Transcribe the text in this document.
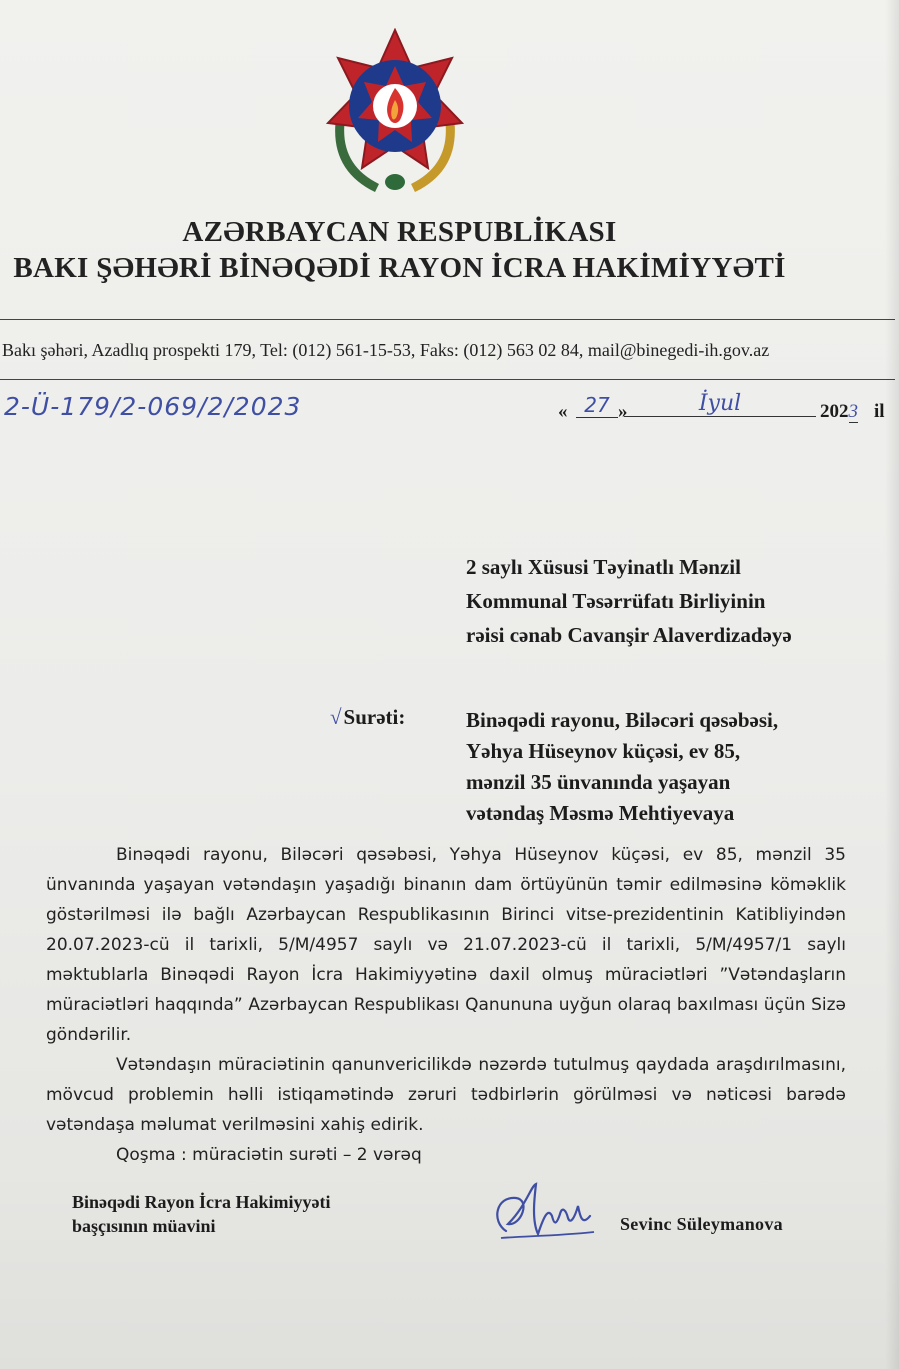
AZƏRBAYCAN RESPUBLİKASI
BAKI ŞƏHƏRİ BİNƏQƏDİ RAYON İCRA HAKİMİYYƏTİ
Bakı şəhəri, Azadlıq prospekti 179, Tel: (012) 561-15-53, Faks: (012) 563 02 84, mail@binegedi-ih.gov.az
2-Ü-179/2-069/2/2023	« 27 »	İyul	2023 il
2 saylı Xüsusi Təyinatlı Mənzil
Kommunal Təsərrüfatı Birliyinin
rəisi cənab Cavanşir Alaverdizadəyə
√Surəti:	Binəqədi rayonu, Biləcəri qəsəbəsi,
Yəhya Hüseynov küçəsi, ev 85,
mənzil 35 ünvanında yaşayan
vətəndaş Məsmə Mehtiyevaya

Binəqədi rayonu, Biləcəri qəsəbəsi, Yəhya Hüseynov küçəsi, ev 85, mənzil 35 ünvanında yaşayan vətəndaşın yaşadığı binanın dam örtüyünün təmir edilməsinə köməklik göstərilməsi ilə bağlı Azərbaycan Respublikasının Birinci vitse-prezidentinin Katibliyindən 20.07.2023-cü il tarixli, 5/M/4957 saylı və 21.07.2023-cü il tarixli, 5/M/4957/1 saylı məktublarla Binəqədi Rayon İcra Hakimiyyətinə daxil olmuş müraciətləri ”Vətəndaşların müraciətləri haqqında” Azərbaycan Respublikası Qanununa uyğun olaraq baxılması üçün Sizə göndərilir.

Vətəndaşın müraciətinin qanunvericilikdə nəzərdə tutulmuş qaydada araşdırılmasını, mövcud problemin həlli istiqamətində zəruri tədbirlərin görülməsi və nəticəsi barədə vətəndaşa məlumat verilməsini xahiş edirik.

Qoşma : müraciətin surəti – 2 vərəq

Binəqədi Rayon İcra Hakimiyyəti
başçısının müavini	Sevinc Süleymanova
